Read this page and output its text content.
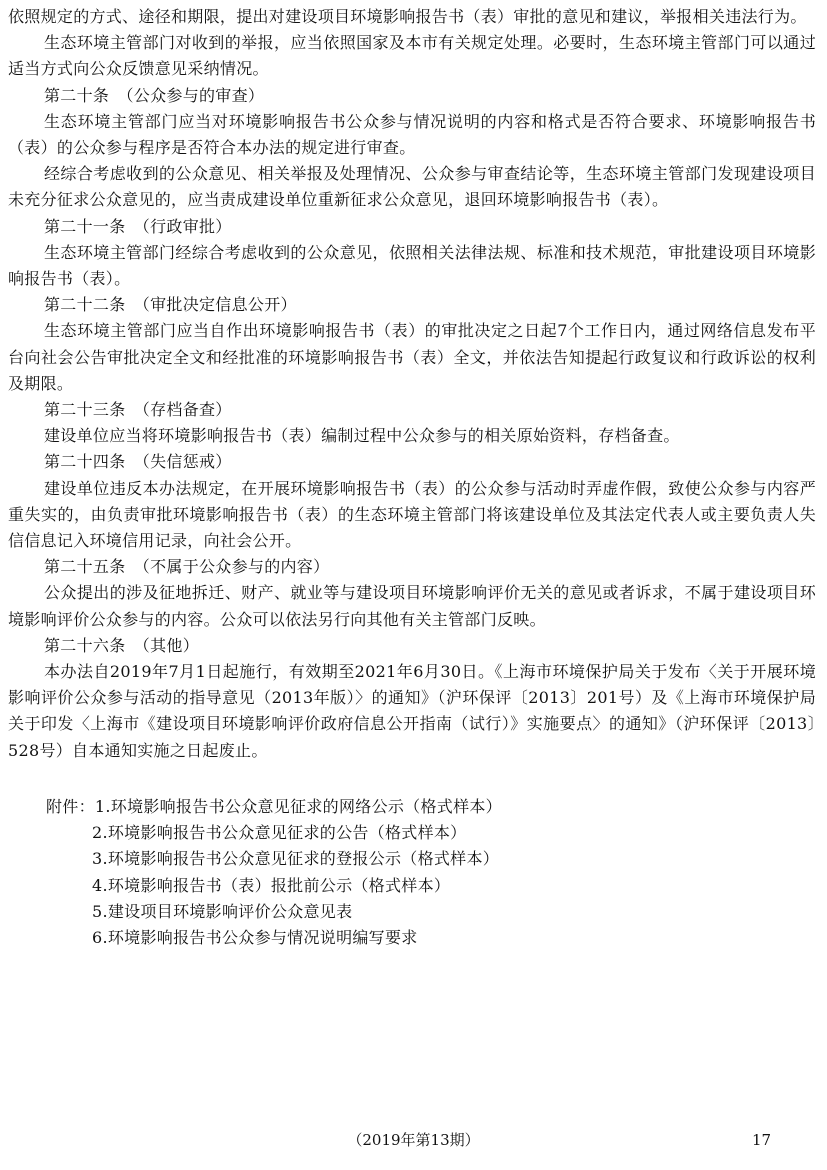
依照规定的方式、途径和期限，提出对建设项目环境影响报告书（表）审批的意见和建议，举报相关违法行为。

生态环境主管部门对收到的举报，应当依照国家及本市有关规定处理。必要时，生态环境主管部门可以通过适当方式向公众反馈意见采纳情况。

第二十条　（公众参与的审查）

生态环境主管部门应当对环境影响报告书公众参与情况说明的内容和格式是否符合要求、环境影响报告书（表）的公众参与程序是否符合本办法的规定进行审查。

经综合考虑收到的公众意见、相关举报及处理情况、公众参与审查结论等，生态环境主管部门发现建设项目未充分征求公众意见的，应当责成建设单位重新征求公众意见，退回环境影响报告书（表）。

第二十一条　（行政审批）

生态环境主管部门经综合考虑收到的公众意见，依照相关法律法规、标准和技术规范，审批建设项目环境影响报告书（表）。

第二十二条　（审批决定信息公开）

生态环境主管部门应当自作出环境影响报告书（表）的审批决定之日起7个工作日内，通过网络信息发布平台向社会公告审批决定全文和经批准的环境影响报告书（表）全文，并依法告知提起行政复议和行政诉讼的权利及期限。

第二十三条　（存档备查）

建设单位应当将环境影响报告书（表）编制过程中公众参与的相关原始资料，存档备查。

第二十四条　（失信惩戒）

建设单位违反本办法规定，在开展环境影响报告书（表）的公众参与活动时弄虚作假，致使公众参与内容严重失实的，由负责审批环境影响报告书（表）的生态环境主管部门将该建设单位及其法定代表人或主要负责人失信信息记入环境信用记录，向社会公开。

第二十五条　（不属于公众参与的内容）

公众提出的涉及征地拆迁、财产、就业等与建设项目环境影响评价无关的意见或者诉求，不属于建设项目环境影响评价公众参与的内容。公众可以依法另行向其他有关主管部门反映。

第二十六条　（其他）

本办法自2019年7月1日起施行，有效期至2021年6月30日。《上海市环境保护局关于发布〈关于开展环境影响评价公众参与活动的指导意见（2013年版）〉的通知》（沪环保评〔2013〕201号）及《上海市环境保护局关于印发〈上海市《建设项目环境影响评价政府信息公开指南（试行）》实施要点〉的通知》（沪环保评〔2013〕528号）自本通知实施之日起废止。

附件：1.环境影响报告书公众意见征求的网络公示（格式样本）

2.环境影响报告书公众意见征求的公告（格式样本）

3.环境影响报告书公众意见征求的登报公示（格式样本）

4.环境影响报告书（表）报批前公示（格式样本）

5.建设项目环境影响评价公众意见表

6.环境影响报告书公众参与情况说明编写要求

（2019年第13期）	17
